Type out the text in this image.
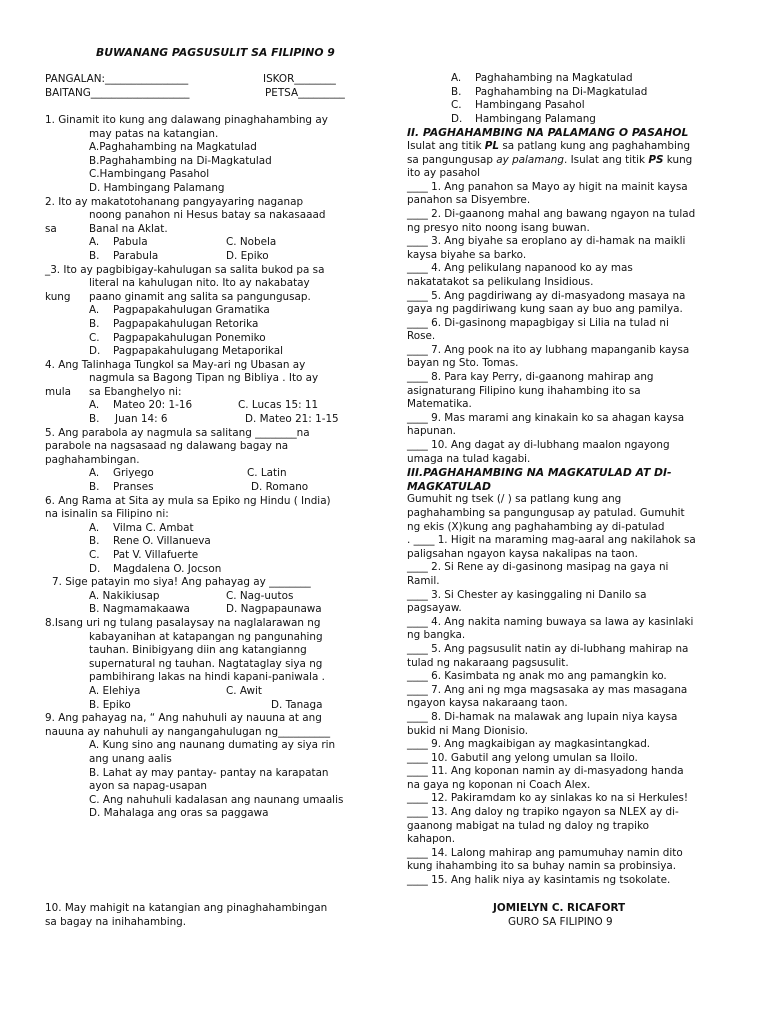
BUWANANG PAGSUSULIT SA FILIPINO 9
PANGALAN:________________	ISKOR________
BAITANG___________________	PETSA_________
1. Ginamit ito kung ang dalawang pinaghahambing ay
may patas na katangian.
A.Paghahambing na Magkatulad
B.Paghahambing na Di-Magkatulad
C.Hambingang Pasahol
D. Hambingang Palamang
2. Ito ay makatotohanang pangyayaring naganap
noong panahon ni Hesus batay sa nakasaaad
sa	Banal na Aklat.
A. Pabula	C. Nobela
B. Parabula	D. Epiko
_3. Ito ay pagbibigay-kahulugan sa salita bukod pa sa
literal na kahulugan nito. Ito ay nakabatay
kung paano ginamit ang salita sa pangungusap.
A. Pagpapakahulugan Gramatika
B. Pagpapakahulugan Retorika
C. Pagpapakahulugan Ponemiko
D. Pagpapakahulugang Metaporikal
4. Ang Talinhaga Tungkol sa May-ari ng Ubasan ay
nagmula sa Bagong Tipan ng Bibliya . Ito ay
mula sa Ebanghelyo ni:
A. Mateo 20: 1-16	C. Lucas 15: 11
B. Juan 14: 6	D. Mateo 21: 1-15
5. Ang parabola ay nagmula sa salitang ________na
parabole na nagsasaad ng dalawang bagay na
paghahambingan.
A. Griyego	C. Latin
B. Pranses	D. Romano
6. Ang Rama at Sita ay mula sa Epiko ng Hindu ( India)
na isinalin sa Filipino ni:
A. Vilma C. Ambat
B. Rene O. Villanueva
C. Pat V. Villafuerte
D. Magdalena O. Jocson
7. Sige patayin mo siya! Ang pahayag ay ________
A. Nakikiusap	C. Nag-uutos
B. Nagmamakaawa	D. Nagpapaunawa
8.Isang uri ng tulang pasalaysay na naglalarawan ng
kabayanihan at katapangan ng pangunahing
tauhan. Binibigyang diin ang katangianng
supernatural ng tauhan. Nagtataglay siya ng
pambihirang lakas na hindi kapani-paniwala .
A. Elehiya	C. Awit
B. Epiko	D. Tanaga
9. Ang pahayag na, “ Ang nahuhuli ay nauuna at ang
nauuna ay nahuhuli ay nangangahulugan ng__________
A. Kung sino ang naunang dumating ay siya rin
ang unang aalis
B. Lahat ay may pantay- pantay na karapatan
ayon sa napag-usapan
C. Ang nahuhuli kadalasan ang naunang umaalis
D. Mahalaga ang oras sa paggawa
10. May mahigit na katangian ang pinaghahambingan
sa bagay na inihahambing.
A. Paghahambing na Magkatulad
B. Paghahambing na Di-Magkatulad
C. Hambingang Pasahol
D. Hambingang Palamang
II. PAGHAHAMBING NA PALAMANG O PASAHOL
Isulat ang titik PL sa patlang kung ang paghahambing
sa pangungusap ay palamang. Isulat ang titik PS kung
ito ay pasahol
____ 1. Ang panahon sa Mayo ay higit na mainit kaysa
panahon sa Disyembre.
____ 2. Di-gaanong mahal ang bawang ngayon na tulad
ng presyo nito noong isang buwan.
____ 3. Ang biyahe sa eroplano ay di-hamak na maikli
kaysa biyahe sa barko.
____ 4. Ang pelikulang napanood ko ay mas
nakatatakot sa pelikulang Insidious.
____ 5. Ang pagdiriwang ay di-masyadong masaya na
gaya ng pagdiriwang kung saan ay buo ang pamilya.
____ 6. Di-gasinong mapagbigay si Lilia na tulad ni
Rose.
____ 7. Ang pook na ito ay lubhang mapanganib kaysa
bayan ng Sto. Tomas.
____ 8. Para kay Perry, di-gaanong mahirap ang
asignaturang Filipino kung ihahambing ito sa
Matematika.
____ 9. Mas marami ang kinakain ko sa ahagan kaysa
hapunan.
____ 10. Ang dagat ay di-lubhang maalon ngayong
umaga na tulad kagabi.
III.PAGHAHAMBING NA MAGKATULAD AT DI-
MAGKATULAD
Gumuhit ng tsek (/ ) sa patlang kung ang
paghahambing sa pangungusap ay patulad. Gumuhit
ng ekis (X)kung ang paghahambing ay di-patulad
. ____ 1. Higit na maraming mag-aaral ang nakilahok sa
paligsahan ngayon kaysa nakalipas na taon.
____ 2. Si Rene ay di-gasinong masipag na gaya ni
Ramil.
____ 3. Si Chester ay kasinggaling ni Danilo sa
pagsayaw.
____ 4. Ang nakita naming buwaya sa lawa ay kasinlaki
ng bangka.
____ 5. Ang pagsusulit natin ay di-lubhang mahirap na
tulad ng nakaraang pagsusulit.
____ 6. Kasimbata ng anak mo ang pamangkin ko.
____ 7. Ang ani ng mga magsasaka ay mas masagana
ngayon kaysa nakaraang taon.
____ 8. Di-hamak na malawak ang lupain niya kaysa
bukid ni Mang Dionisio.
____ 9. Ang magkaibigan ay magkasintangkad.
____ 10. Gabutil ang yelong umulan sa Iloilo.
____ 11. Ang koponan namin ay di-masyadong handa
na gaya ng koponan ni Coach Alex.
____ 12. Pakiramdam ko ay sinlakas ko na si Herkules!
____ 13. Ang daloy ng trapiko ngayon sa NLEX ay di-
gaanong mabigat na tulad ng daloy ng trapiko
kahapon.
____ 14. Lalong mahirap ang pamumuhay namin dito
kung ihahambing ito sa buhay namin sa probinsiya.
____ 15. Ang halik niya ay kasintamis ng tsokolate.
JOMIELYN C. RICAFORT
GURO SA FILIPINO 9
